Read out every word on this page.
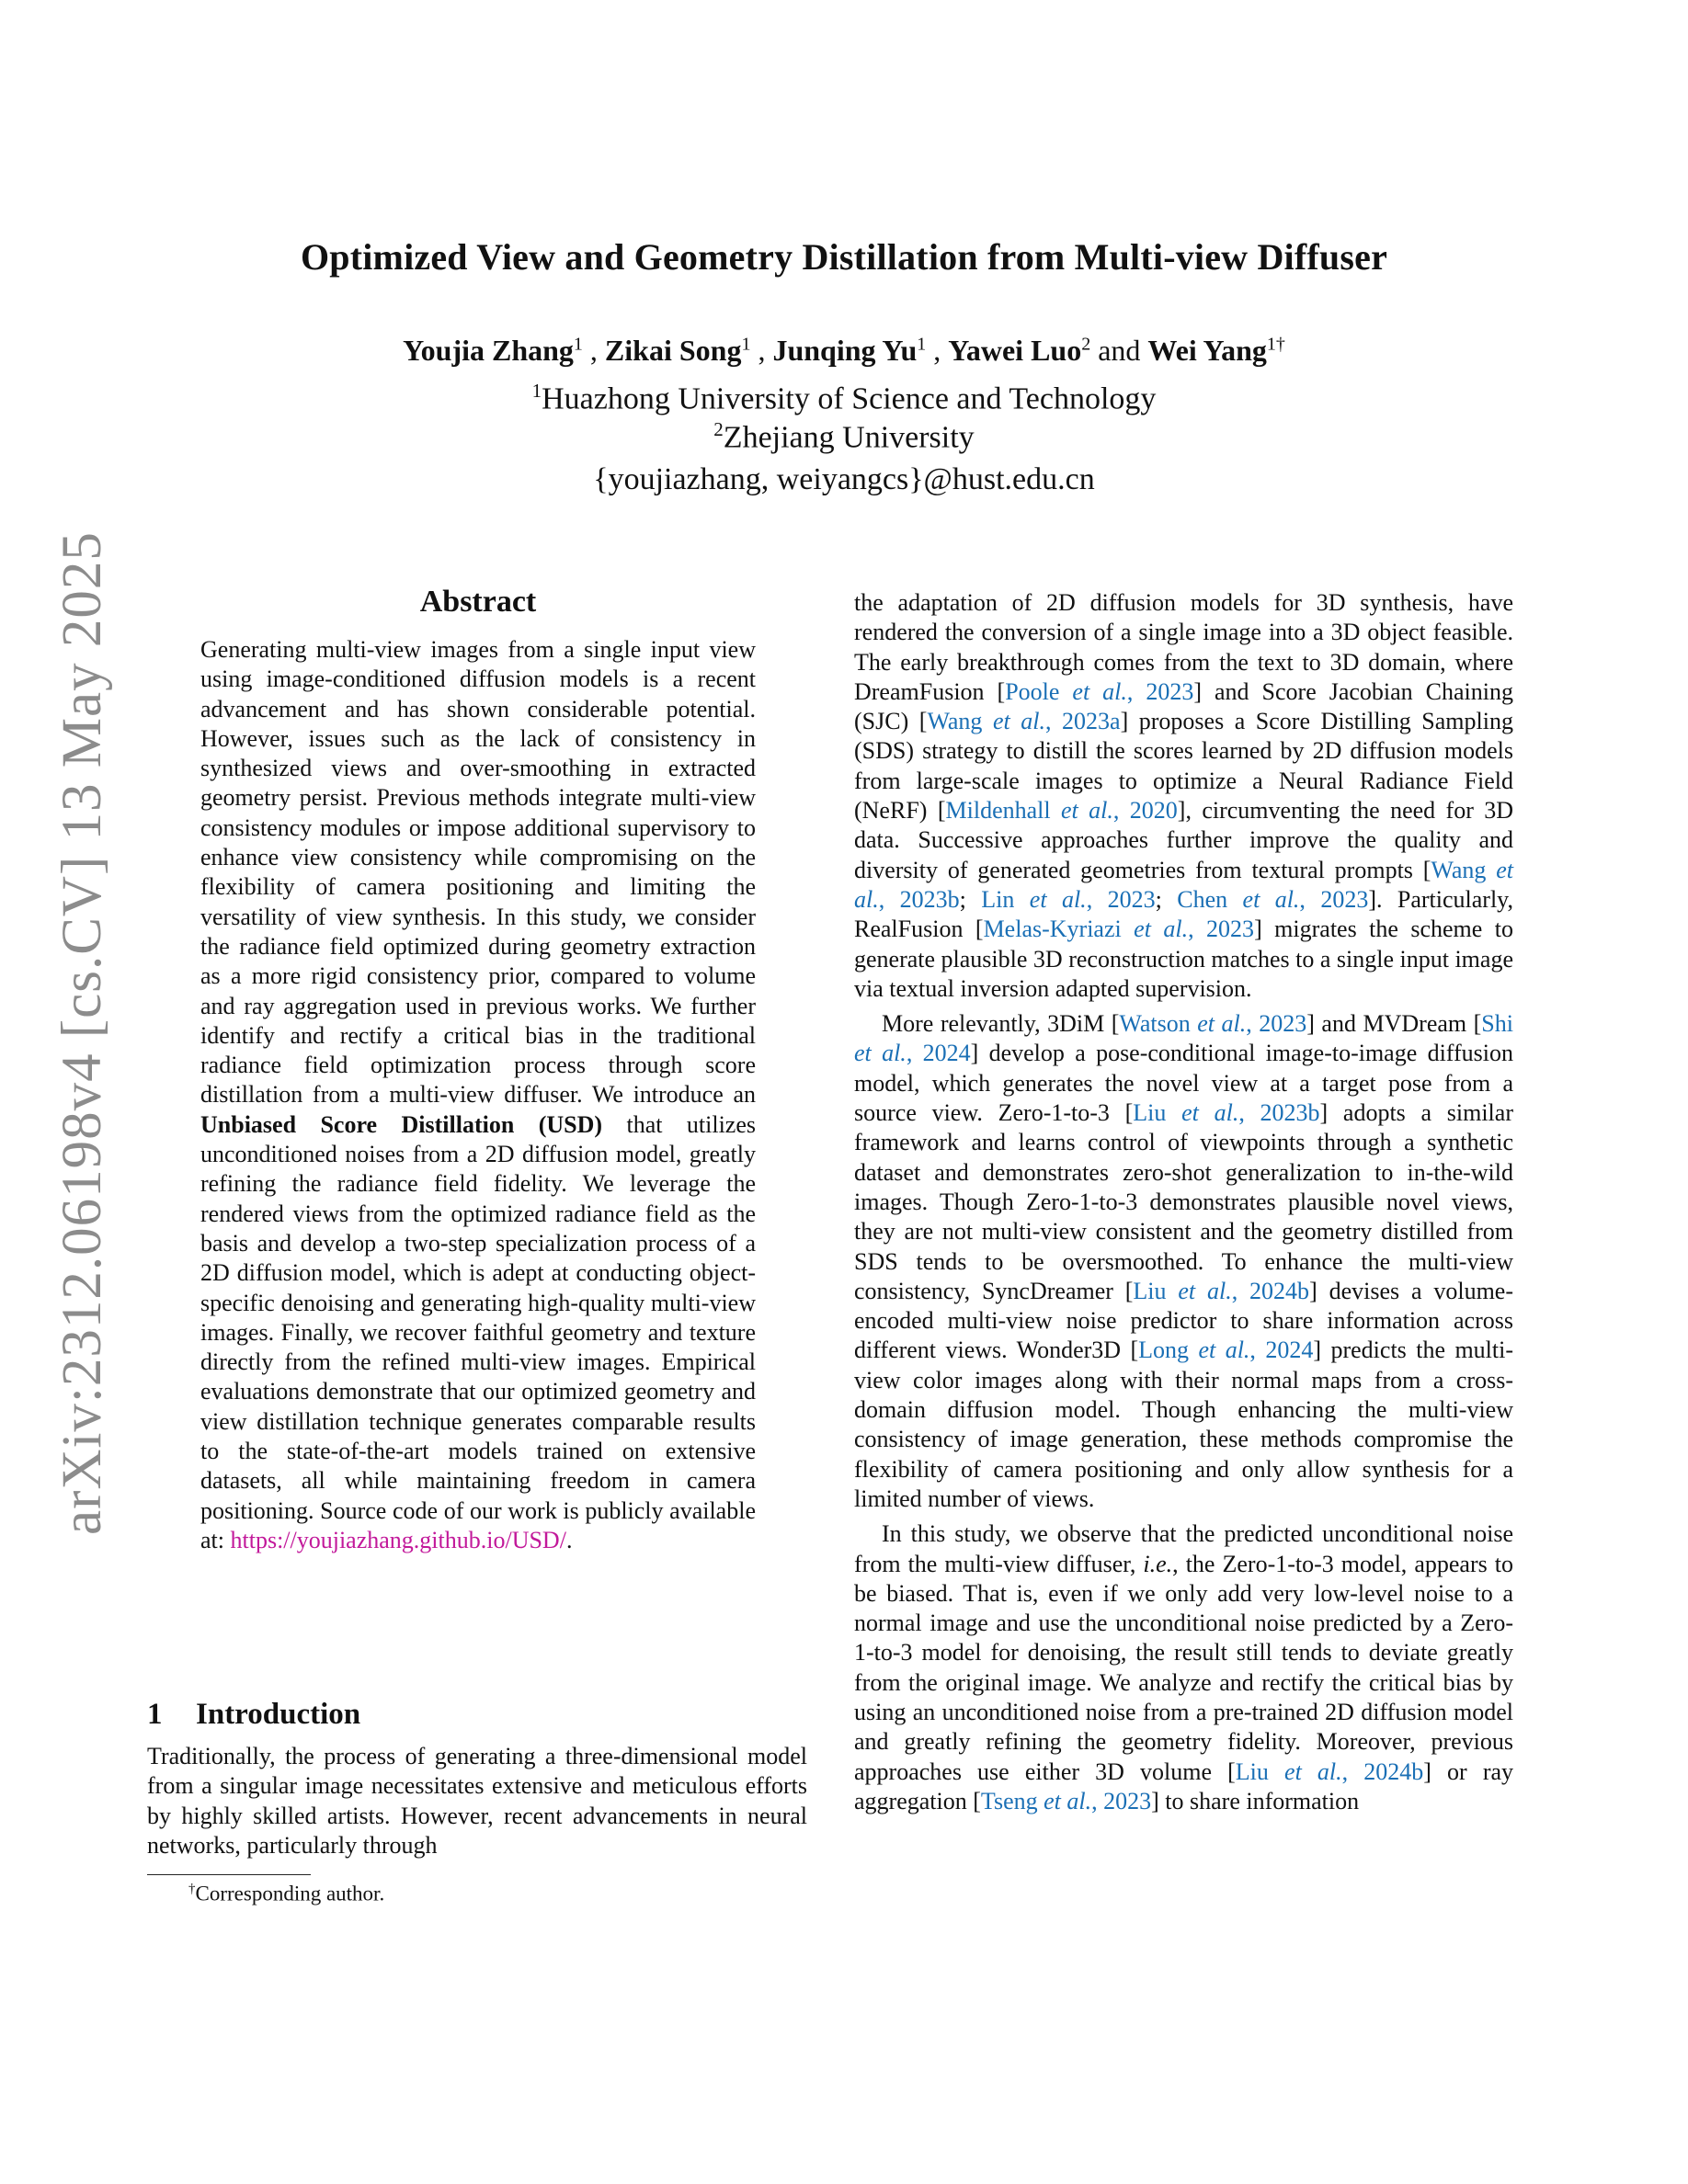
arXiv:2312.06198v4 [cs.CV] 13 May 2025
Optimized View and Geometry Distillation from Multi-view Diffuser
Youjia Zhang$^1$ , Zikai Song$^1$ , Junqing Yu$^1$ , Yawei Luo$^2$ and Wei Yang$^{1\dagger}$
$^1$Huazhong University of Science and Technology
$^2$Zhejiang University
{youjiazhang, weiyangcs}@hust.edu.cn
Abstract

Generating multi-view images from a single input view using image-conditioned diffusion models is a recent advancement and has shown considerable potential. However, issues such as the lack of consistency in synthesized views and over-smoothing in extracted geometry persist. Previous methods integrate multi-view consistency modules or impose additional supervisory to enhance view consistency while compromising on the flexibility of camera positioning and limiting the versatility of view synthesis. In this study, we consider the radiance field optimized during geometry extraction as a more rigid consistency prior, compared to volume and ray aggregation used in previous works. We further identify and rectify a critical bias in the traditional radiance field optimization process through score distillation from a multi-view diffuser. We introduce an Unbiased Score Distillation (USD) that utilizes unconditioned noises from a 2D diffusion model, greatly refining the radiance field fidelity. We leverage the rendered views from the optimized radiance field as the basis and develop a two-step specialization process of a 2D diffusion model, which is adept at conducting object-specific denoising and generating high-quality multi-view images. Finally, we recover faithful geometry and texture directly from the refined multi-view images. Empirical evaluations demonstrate that our optimized geometry and view distillation technique generates comparable results to the state-of-the-art models trained on extensive datasets, all while maintaining freedom in camera positioning. Source code of our work is publicly available at: https://youjiazhang.github.io/USD/.

1 Introduction

Traditionally, the process of generating a three-dimensional model from a singular image necessitates extensive and meticulous efforts by highly skilled artists. However, recent advancements in neural networks, particularly through

†Corresponding author.

the adaptation of 2D diffusion models for 3D synthesis, have rendered the conversion of a single image into a 3D object feasible. The early breakthrough comes from the text to 3D domain, where DreamFusion [Poole et al., 2023] and Score Jacobian Chaining (SJC) [Wang et al., 2023a] proposes a Score Distilling Sampling (SDS) strategy to distill the scores learned by 2D diffusion models from large-scale images to optimize a Neural Radiance Field (NeRF) [Mildenhall et al., 2020], circumventing the need for 3D data. Successive approaches further improve the quality and diversity of generated geometries from textural prompts [Wang et al., 2023b; Lin et al., 2023; Chen et al., 2023]. Particularly, RealFusion [Melas-Kyriazi et al., 2023] migrates the scheme to generate plausible 3D reconstruction matches to a single input image via textual inversion adapted supervision.

More relevantly, 3DiM [Watson et al., 2023] and MVDream [Shi et al., 2024] develop a pose-conditional image-to-image diffusion model, which generates the novel view at a target pose from a source view. Zero-1-to-3 [Liu et al., 2023b] adopts a similar framework and learns control of viewpoints through a synthetic dataset and demonstrates zero-shot generalization to in-the-wild images. Though Zero-1-to-3 demonstrates plausible novel views, they are not multi-view consistent and the geometry distilled from SDS tends to be oversmoothed. To enhance the multi-view consistency, SyncDreamer [Liu et al., 2024b] devises a volume-encoded multi-view noise predictor to share information across different views. Wonder3D [Long et al., 2024] predicts the multi-view color images along with their normal maps from a cross-domain diffusion model. Though enhancing the multi-view consistency of image generation, these methods compromise the flexibility of camera positioning and only allow synthesis for a limited number of views.

In this study, we observe that the predicted unconditional noise from the multi-view diffuser, i.e., the Zero-1-to-3 model, appears to be biased. That is, even if we only add very low-level noise to a normal image and use the unconditional noise predicted by a Zero-1-to-3 model for denoising, the result still tends to deviate greatly from the original image. We analyze and rectify the critical bias by using an unconditioned noise from a pre-trained 2D diffusion model and greatly refining the geometry fidelity. Moreover, previous approaches use either 3D volume [Liu et al., 2024b] or ray aggregation [Tseng et al., 2023] to share information
